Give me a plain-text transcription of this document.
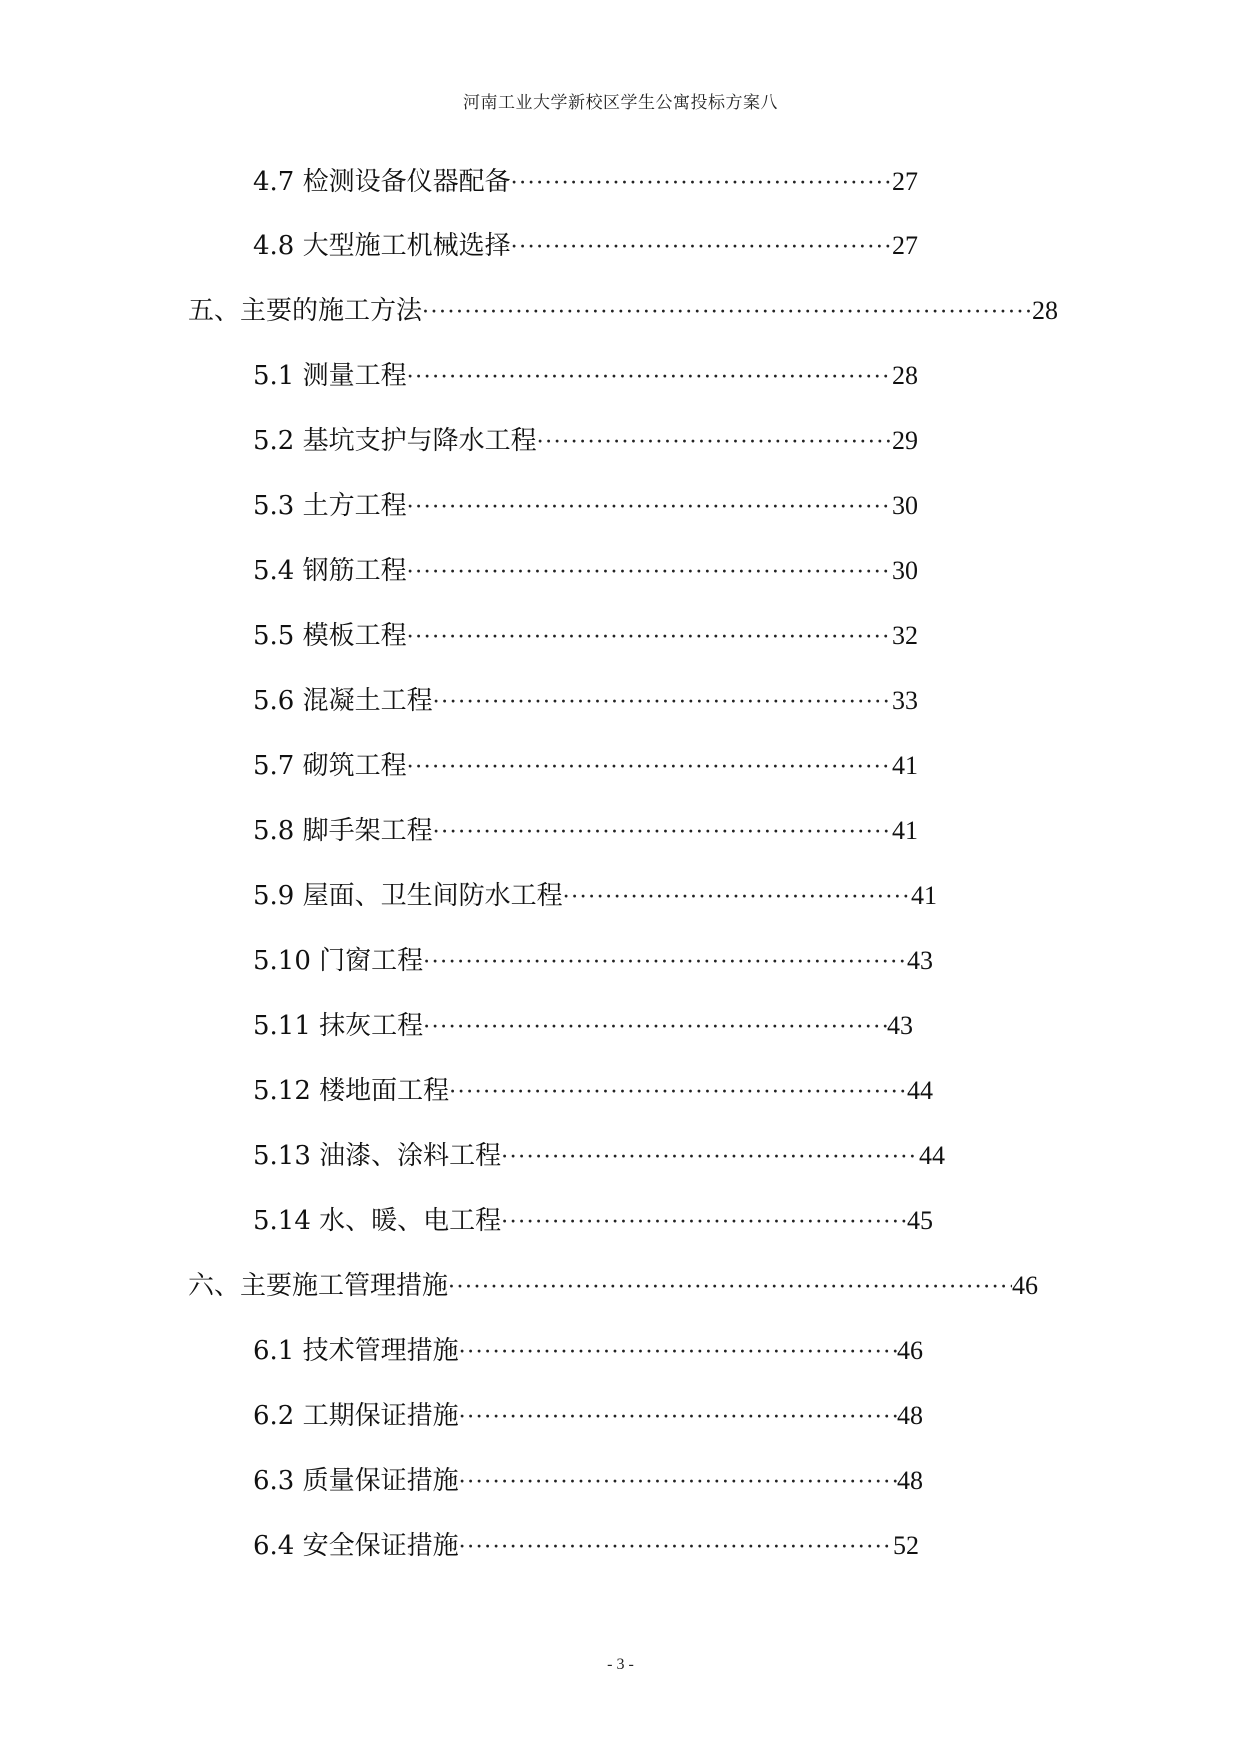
河南工业大学新校区学生公寓投标方案八
4.7 检测设备仪器配备 ·····	27
4.8 大型施工机械选择 ·····	27
五、主要的施工方法 ·····	28
5.1 测量工程 ·····	28
5.2 基坑支护与降水工程 ·····	29
5.3 土方工程 ·····	30
5.4 钢筋工程 ·····	30
5.5 模板工程 ·····	32
5.6 混凝土工程 ·····	33
5.7 砌筑工程 ·····	41
5.8 脚手架工程 ·····	41
5.9 屋面、卫生间防水工程 ·····	41
5.10 门窗工程 ·····	43
5.11 抹灰工程 ·····	43
5.12 楼地面工程 ·····	44
5.13 油漆、涂料工程 ·····	44
5.14 水、暖、电工程 ·····	45
六、主要施工管理措施 ·····	46
6.1 技术管理措施 ·····	46
6.2 工期保证措施 ·····	48
6.3 质量保证措施 ·····	48
6.4 安全保证措施 ·····	52
- 3 -
